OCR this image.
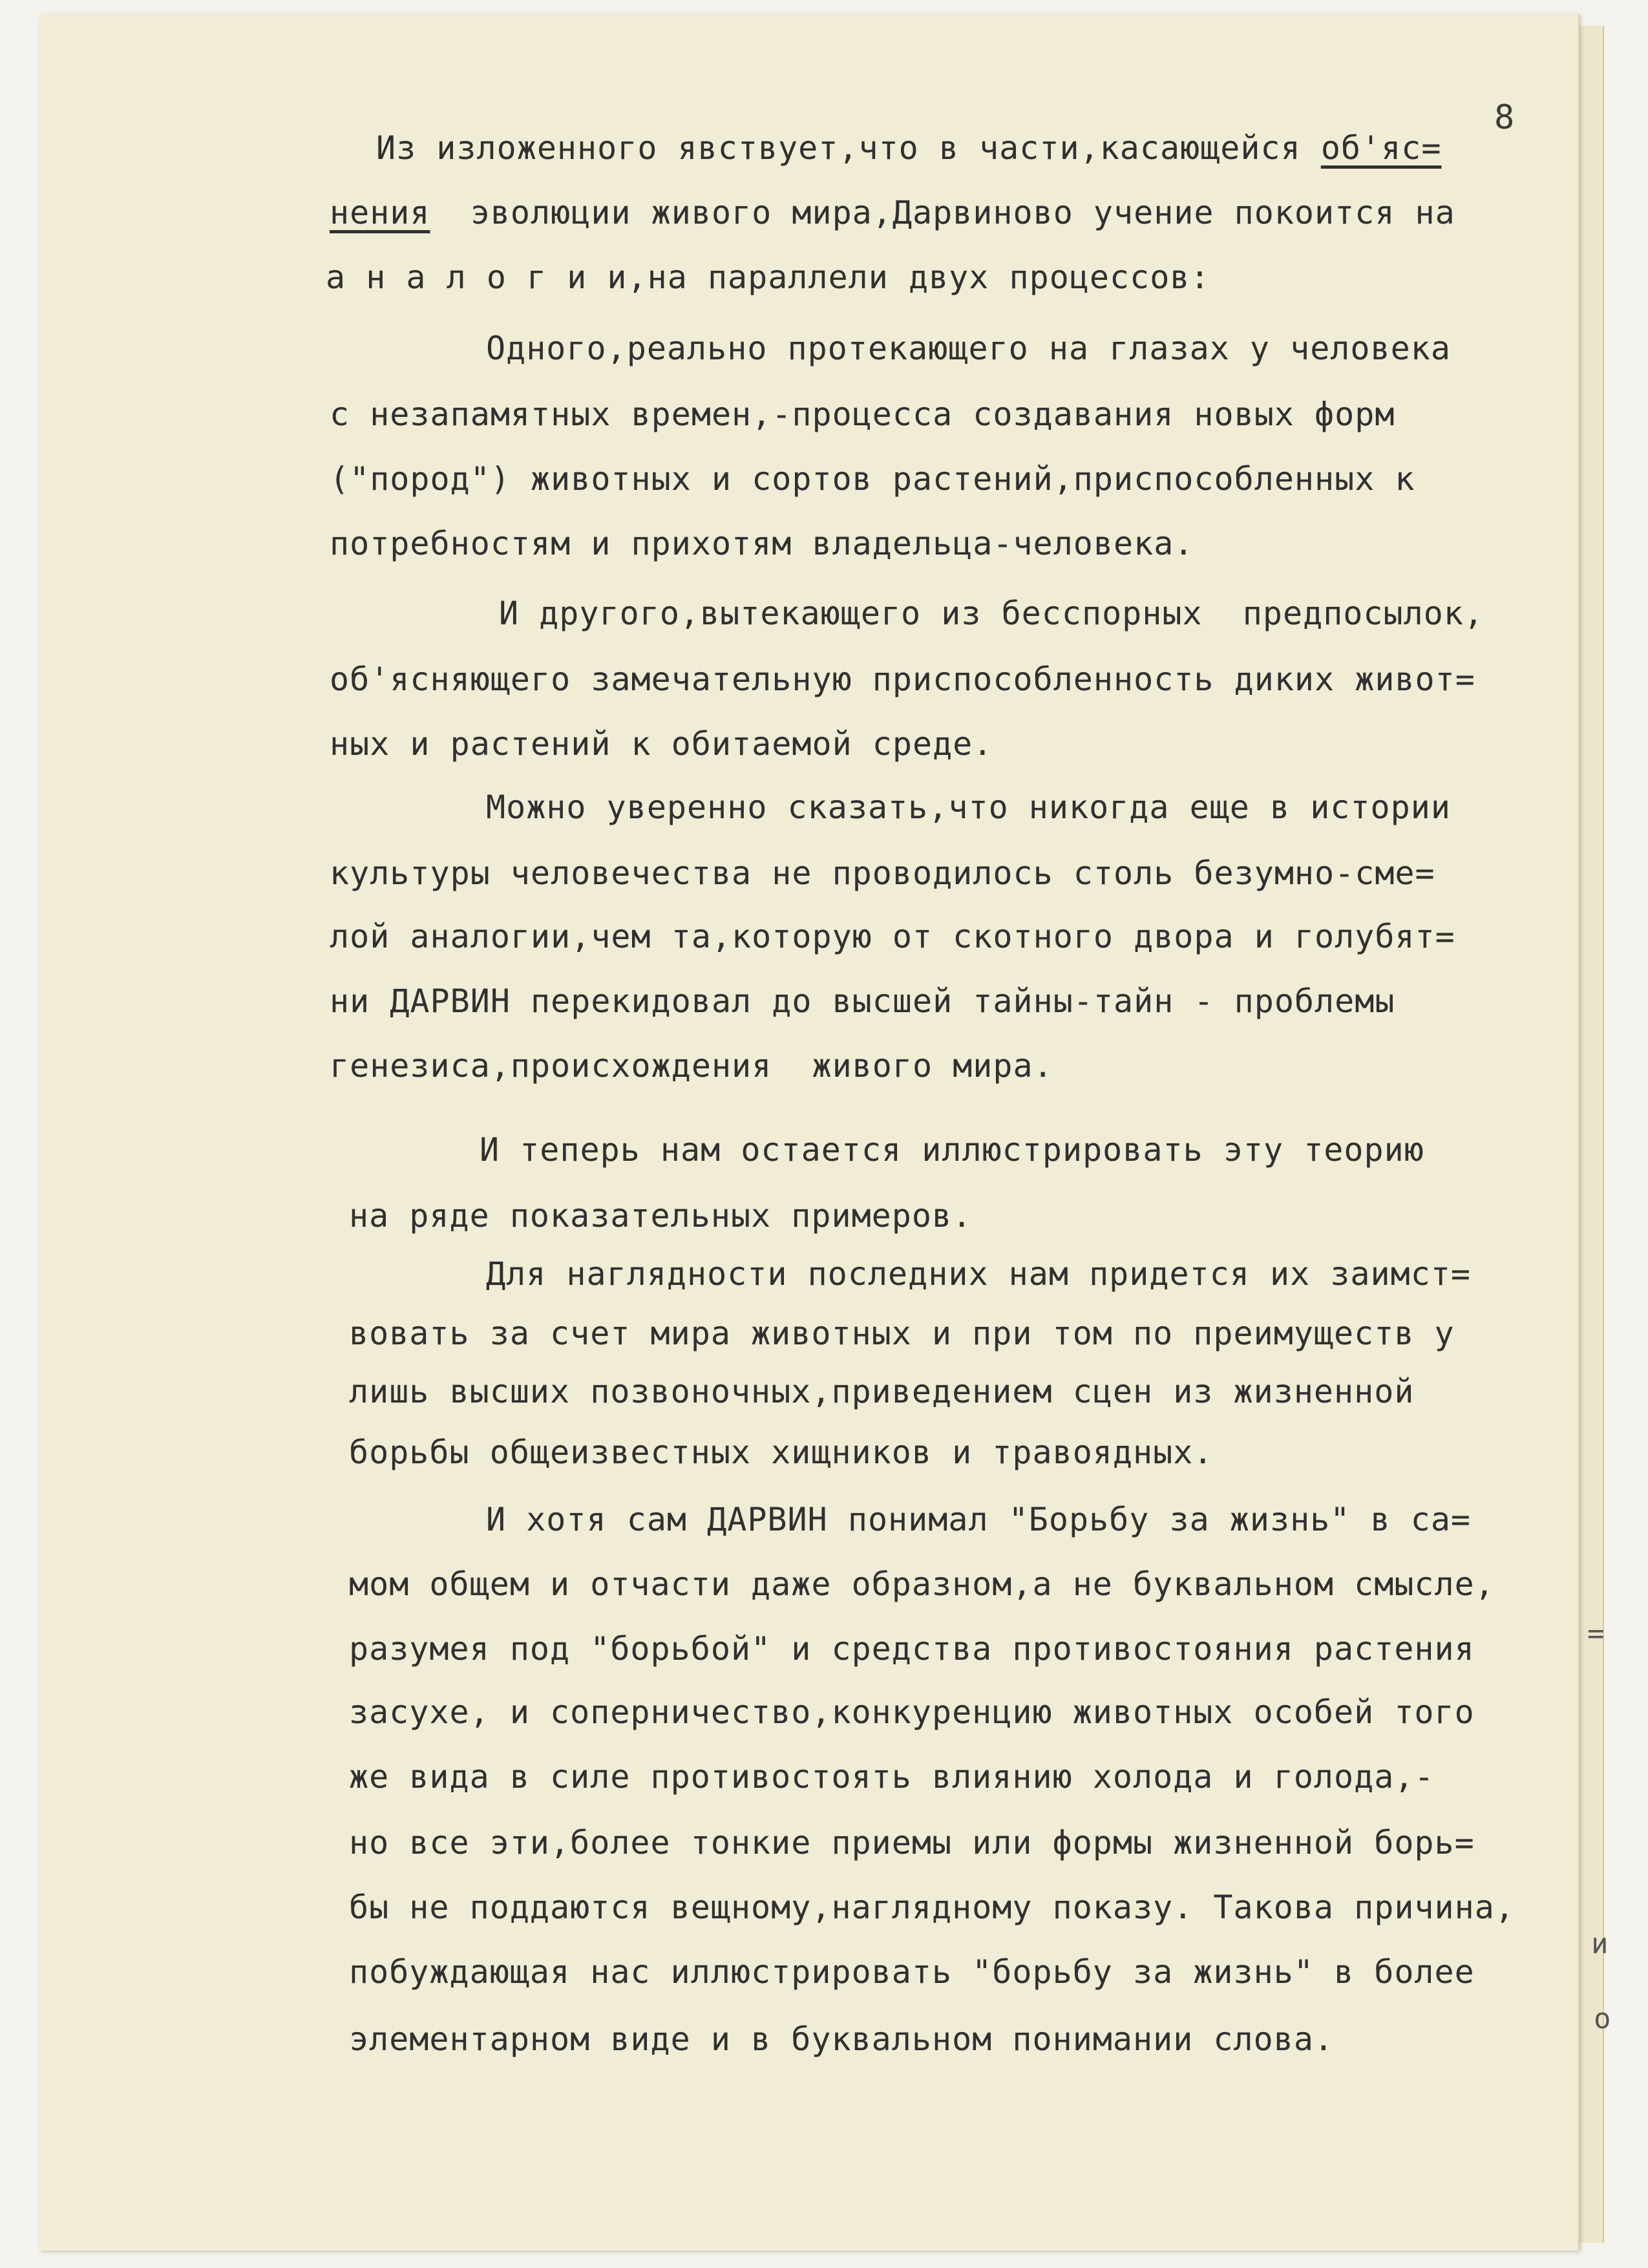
8
Из изложенного явствует,что в части,касающейся об'яс=
нения  эволюции живого мира,Дарвиново учение покоится на
а н а л о г и и,на параллели двух процессов:
Одного,реально протекающего на глазах у человека
с незапамятных времен,-процесса создавания новых форм
("пород") животных и сортов растений,приспособленных к
потребностям и прихотям владельца-человека.
И другого,вытекающего из бесспорных  предпосылок,
об'ясняющего замечательную приспособленность диких живот=
ных и растений к обитаемой среде.
Можно уверенно сказать,что никогда еще в истории
культуры человечества не проводилось столь безумно-сме=
лой аналогии,чем та,которую от скотного двора и голубят=
ни ДАРВИН перекидовал до высшей тайны-тайн - проблемы
генезиса,происхождения  живого мира.
И теперь нам остается иллюстрировать эту теорию
на ряде показательных примеров.
Для наглядности последних нам придется их заимст=
вовать за счет мира животных и при том по преимуществ у
лишь высших позвоночных,приведением сцен из жизненной
борьбы общеизвестных хищников и травоядных.
И хотя сам ДАРВИН понимал "Борьбу за жизнь" в са=
мом общем и отчасти даже образном,а не буквальном смысле,
разумея под "борьбой" и средства противостояния растения
засухе, и соперничество,конкуренцию животных особей того
же вида в силе противостоять влиянию холода и голода,-
но все эти,более тонкие приемы или формы жизненной борь=
бы не поддаются вещному,наглядному показу. Такова причина,
побуждающая нас иллюстрировать "борьбу за жизнь" в более
элементарном виде и в буквальном понимании слова.
=
и
о
